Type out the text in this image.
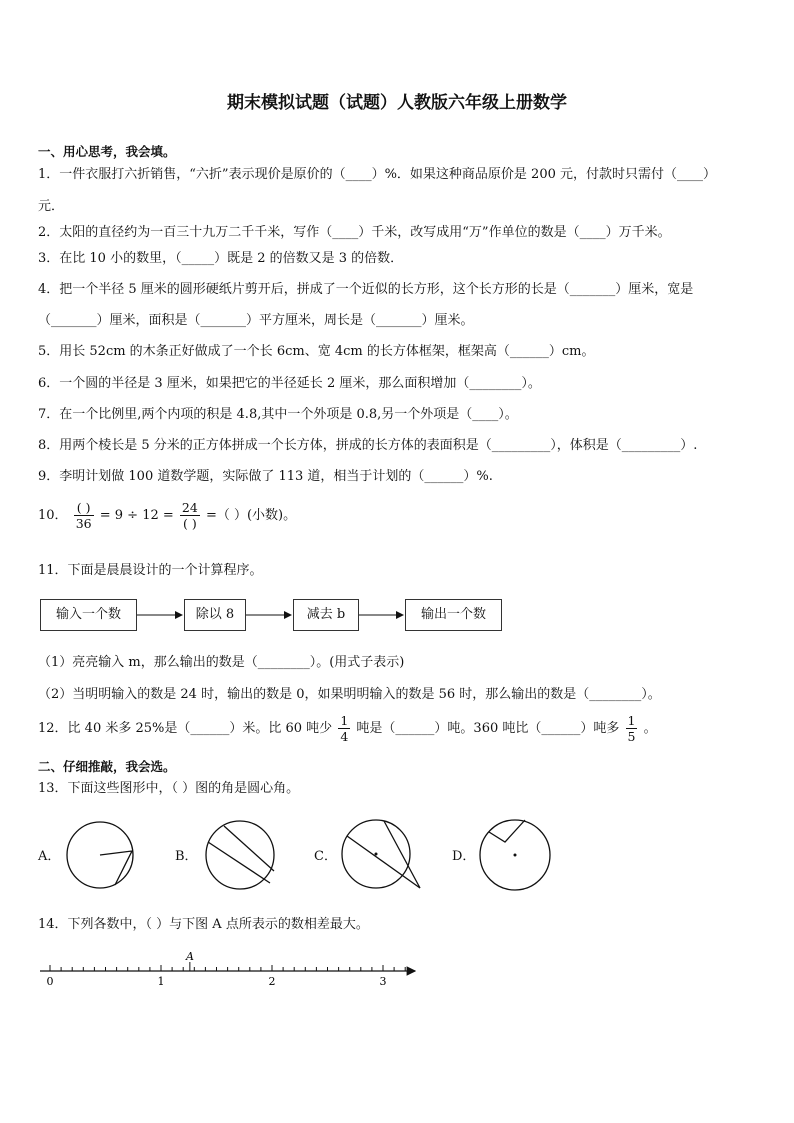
期末模拟试题（试题）人教版六年级上册数学
一、用心思考，我会填。
1．一件衣服打六折销售，“六折”表示现价是原价的（____）%．如果这种商品原价是 200 元，付款时只需付（____）
元．
2．太阳的直径约为一百三十九万二千千米，写作（____）千米，改写成用“万”作单位的数是（____）万千米。
3．在比 10 小的数里，（_____）既是 2 的倍数又是 3 的倍数．
4．把一个半径 5 厘米的圆形硬纸片剪开后，拼成了一个近似的长方形，这个长方形的长是（_______）厘米，宽是
（_______）厘米，面积是（_______）平方厘米，周长是（_______）厘米。
5．用长 52cm 的木条正好做成了一个长 6cm、宽 4cm 的长方体框架，框架高（______）cm。
6．一个圆的半径是 3 厘米，如果把它的半径延长 2 厘米，那么面积增加（________）。
7．在一个比例里,两个内项的积是 4.8,其中一个外项是 0.8,另一个外项是（____）。
8．用两个棱长是 5 分米的正方体拼成一个长方体，拼成的长方体的表面积是（_________），体积是（_________）.
9．李明计划做 100 道数学题，实际做了 113 道，相当于计划的（______）%.
10． $\frac{( )}{36} = 9 \div 12 = \frac{24}{( )}$ =（ ）(小数)。
11．下面是晨晨设计的一个计算程序。
输入一个数	除以 8	减去 b	输出一个数
（1）亮亮输入 m，那么输出的数是（________）。(用式子表示)
（2）当明明输入的数是 24 时，输出的数是 0，如果明明输入的数是 56 时，那么输出的数是（________）。
12．比 40 米多 25%是（______）米。比 60 吨少 $\frac{1}{4}$ 吨是（______）吨。360 吨比（______）吨多 $\frac{1}{5}$ 。
二、仔细推敲，我会选。
13．下面这些图形中，（ ）图的角是圆心角。
A．	B．	C．	D．
14．下列各数中，（ ）与下图 A 点所表示的数相差最大。
A
0	1	2	3
